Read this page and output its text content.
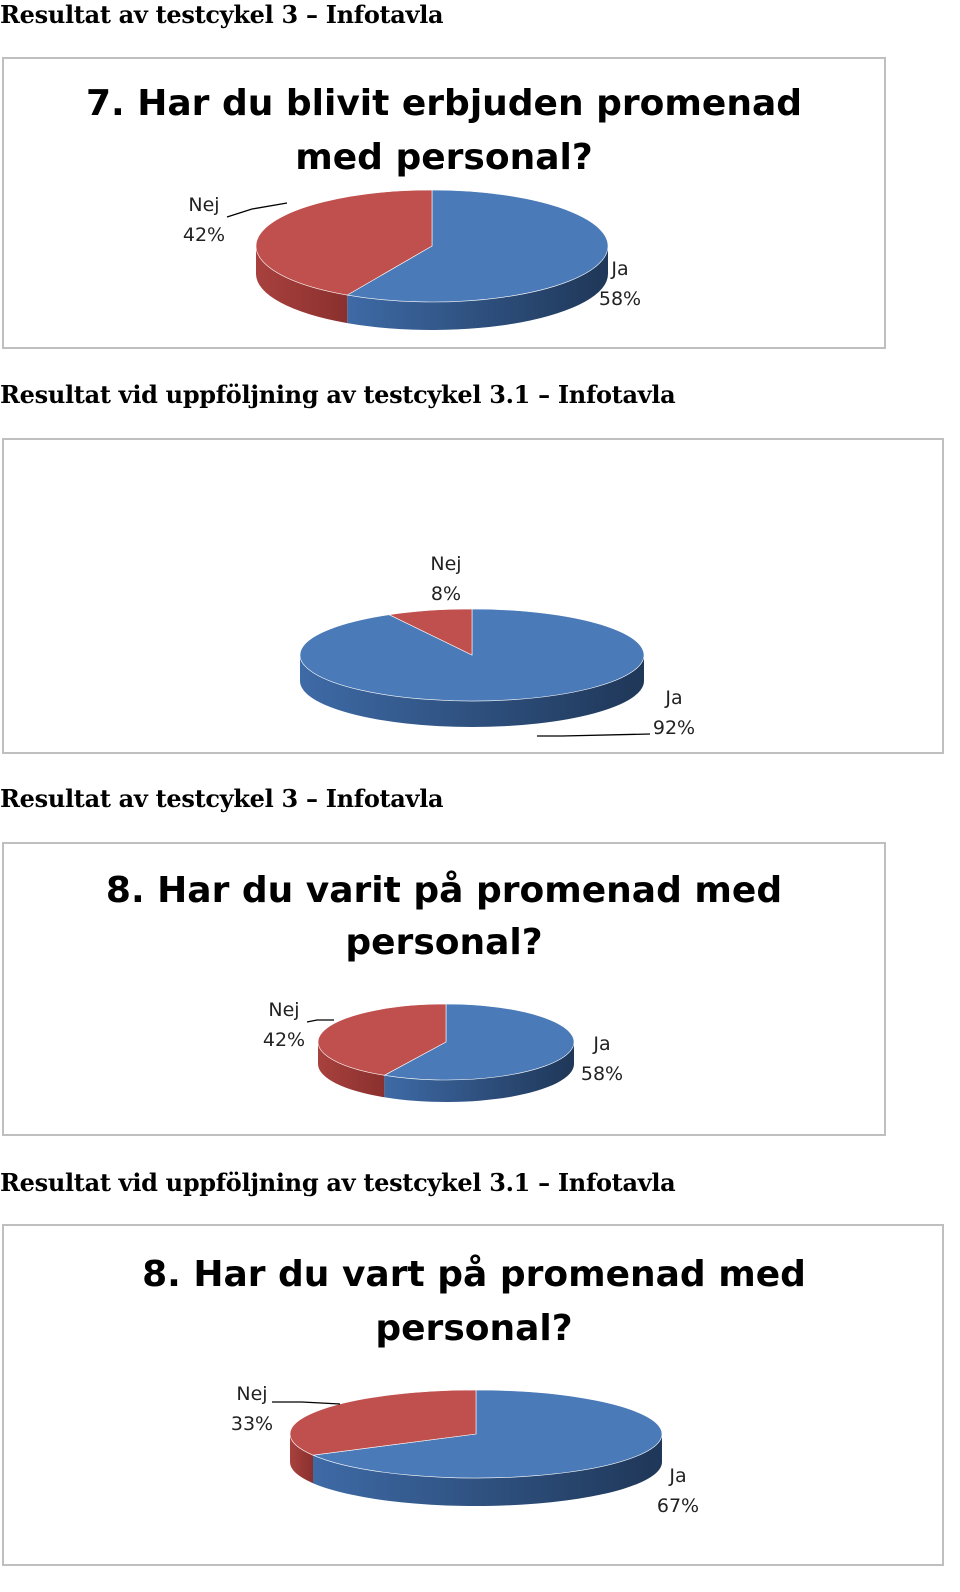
Resultat av testcykel 3 – Infotavla
7. Har du blivit erbjuden promenad
med personal?
Nej
42%
Ja
58%
Resultat vid uppföljning av testcykel 3.1 – Infotavla
Nej
8%
Ja
92%
Resultat av testcykel 3 – Infotavla
8. Har du varit på promenad med
personal?
Nej
42%	Ja
58%
Resultat vid uppföljning av testcykel 3.1 – Infotavla
8. Har du vart på promenad med
personal?
Nej
33%
Ja
67%
